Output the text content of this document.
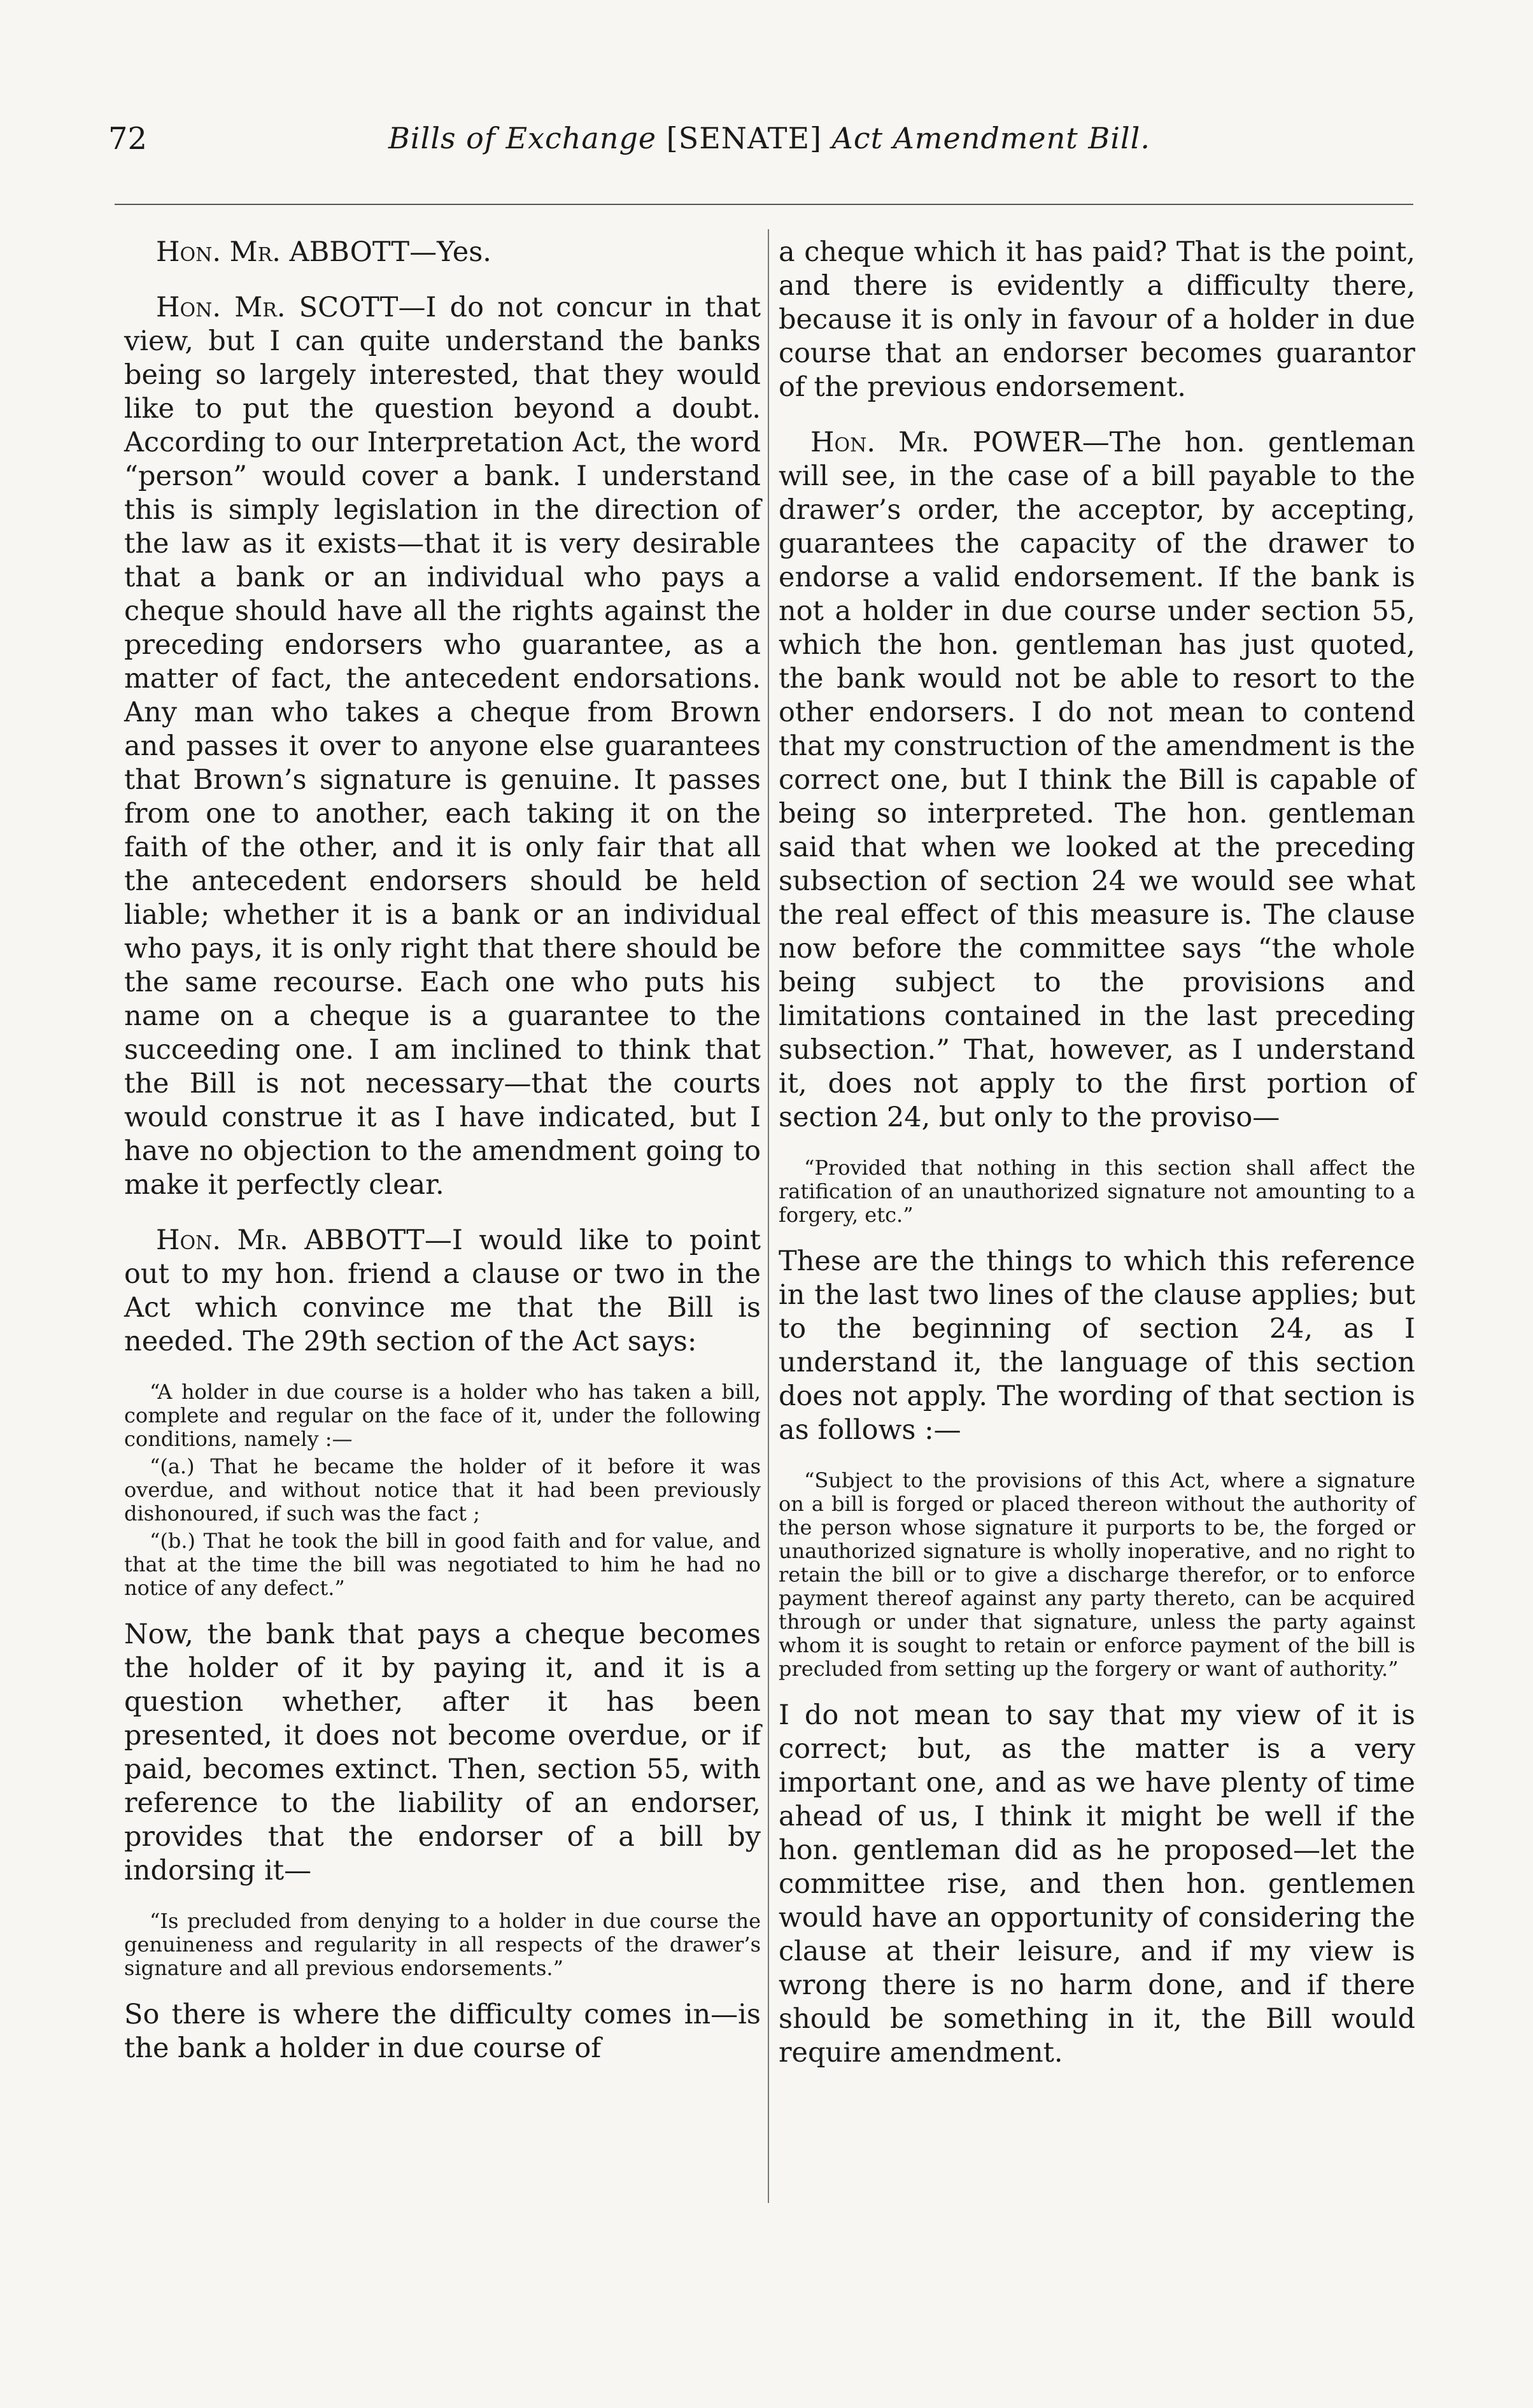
72	Bills of Exchange [SENATE] Act Amendment Bill.

Hon. Mr. ABBOTT—Yes.

Hon. Mr. SCOTT—I do not concur in that view, but I can quite understand the banks being so largely interested, that they would like to put the question beyond a doubt. According to our Interpretation Act, the word “person” would cover a bank. I understand this is simply legislation in the direction of the law as it exists—that it is very desirable that a bank or an individual who pays a cheque should have all the rights against the preceding endorsers who guarantee, as a matter of fact, the antecedent endorsations. Any man who takes a cheque from Brown and passes it over to anyone else guarantees that Brown’s signature is genuine. It passes from one to another, each taking it on the faith of the other, and it is only fair that all the antecedent endorsers should be held liable; whether it is a bank or an individual who pays, it is only right that there should be the same recourse. Each one who puts his name on a cheque is a guarantee to the succeeding one. I am inclined to think that the Bill is not necessary—that the courts would construe it as I have indicated, but I have no objection to the amendment going to make it perfectly clear.

Hon. Mr. ABBOTT—I would like to point out to my hon. friend a clause or two in the Act which convince me that the Bill is needed. The 29th section of the Act says:

“A holder in due course is a holder who has taken a bill, complete and regular on the face of it, under the following conditions, namely :—

“(a.) That he became the holder of it before it was overdue, and without notice that it had been previously dishonoured, if such was the fact ;

“(b.) That he took the bill in good faith and for value, and that at the time the bill was negotiated to him he had no notice of any defect.”

Now, the bank that pays a cheque becomes the holder of it by paying it, and it is a question whether, after it has been presented, it does not become overdue, or if paid, becomes extinct. Then, section 55, with reference to the liability of an endorser, provides that the endorser of a bill by indorsing it—

“Is precluded from denying to a holder in due course the genuineness and regularity in all respects of the drawer’s signature and all previous endorsements.”

So there is where the difficulty comes in—is the bank a holder in due course of

a cheque which it has paid? That is the point, and there is evidently a difficulty there, because it is only in favour of a holder in due course that an endorser becomes guarantor of the previous endorsement.

Hon. Mr. POWER—The hon. gentleman will see, in the case of a bill payable to the drawer’s order, the acceptor, by accepting, guarantees the capacity of the drawer to endorse a valid endorsement. If the bank is not a holder in due course under section 55, which the hon. gentleman has just quoted, the bank would not be able to resort to the other endorsers. I do not mean to contend that my construction of the amendment is the correct one, but I think the Bill is capable of being so interpreted. The hon. gentleman said that when we looked at the preceding subsection of section 24 we would see what the real effect of this measure is. The clause now before the committee says “the whole being subject to the provisions and limitations contained in the last preceding subsection.” That, however, as I understand it, does not apply to the first portion of section 24, but only to the proviso—

“Provided that nothing in this section shall affect the ratification of an unauthorized signature not amounting to a forgery, etc.”

These are the things to which this reference in the last two lines of the clause applies; but to the beginning of section 24, as I understand it, the language of this section does not apply. The wording of that section is as follows :—

“Subject to the provisions of this Act, where a signature on a bill is forged or placed thereon without the authority of the person whose signature it purports to be, the forged or unauthorized signature is wholly inoperative, and no right to retain the bill or to give a discharge therefor, or to enforce payment thereof against any party thereto, can be acquired through or under that signature, unless the party against whom it is sought to retain or enforce payment of the bill is precluded from setting up the forgery or want of authority.”

I do not mean to say that my view of it is correct; but, as the matter is a very important one, and as we have plenty of time ahead of us, I think it might be well if the hon. gentleman did as he proposed—let the committee rise, and then hon. gentlemen would have an opportunity of considering the clause at their leisure, and if my view is wrong there is no harm done, and if there should be something in it, the Bill would require amendment.
